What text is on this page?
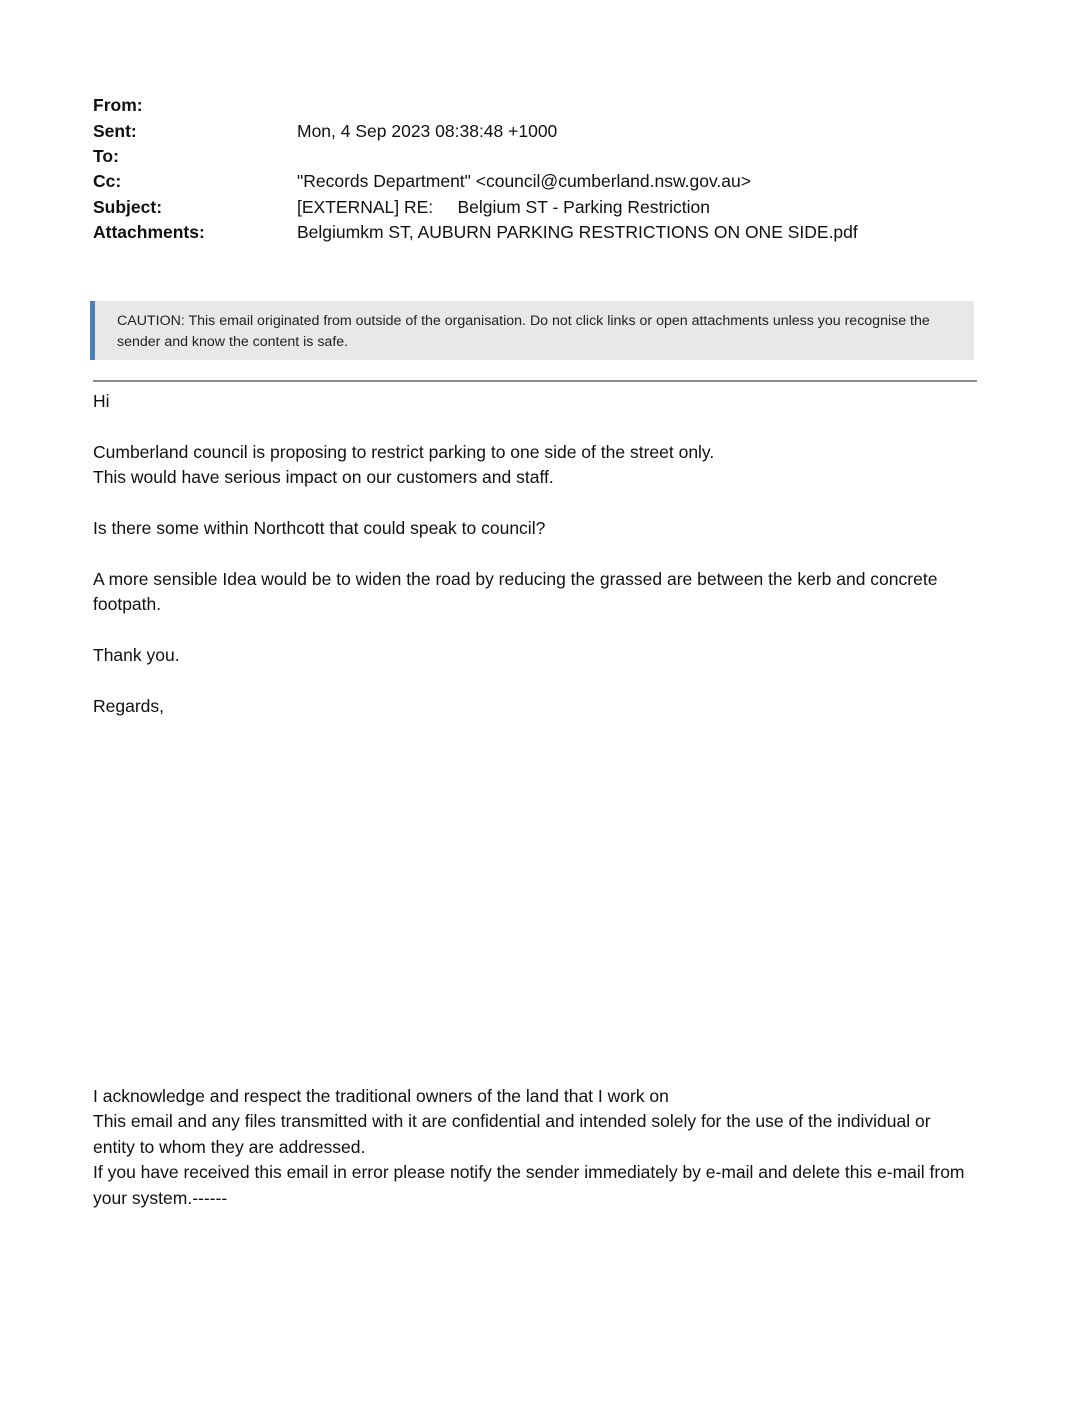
From:
Sent:	Mon, 4 Sep 2023 08:38:48 +1000
To:
Cc:	"Records Department" <council@cumberland.nsw.gov.au>
Subject:	[EXTERNAL] RE:     Belgium ST - Parking Restriction
Attachments:	Belgiumkm ST, AUBURN PARKING RESTRICTIONS ON ONE SIDE.pdf
CAUTION: This email originated from outside of the organisation. Do not click links or open attachments unless you recognise the sender and know the content is safe.

Hi

Cumberland council is proposing to restrict parking to one side of the street only.

This would have serious impact on our customers and staff.

Is there some within Northcott that could speak to council?

A more sensible Idea would be to widen the road by reducing the grassed are between the kerb and concrete footpath.

Thank you.

Regards,

I acknowledge and respect the traditional owners of the land that I work on

This email and any files transmitted with it are confidential and intended solely for the use of the individual or entity to whom they are addressed.

If you have received this email in error please notify the sender immediately by e-mail and delete this e-mail from your system.------
